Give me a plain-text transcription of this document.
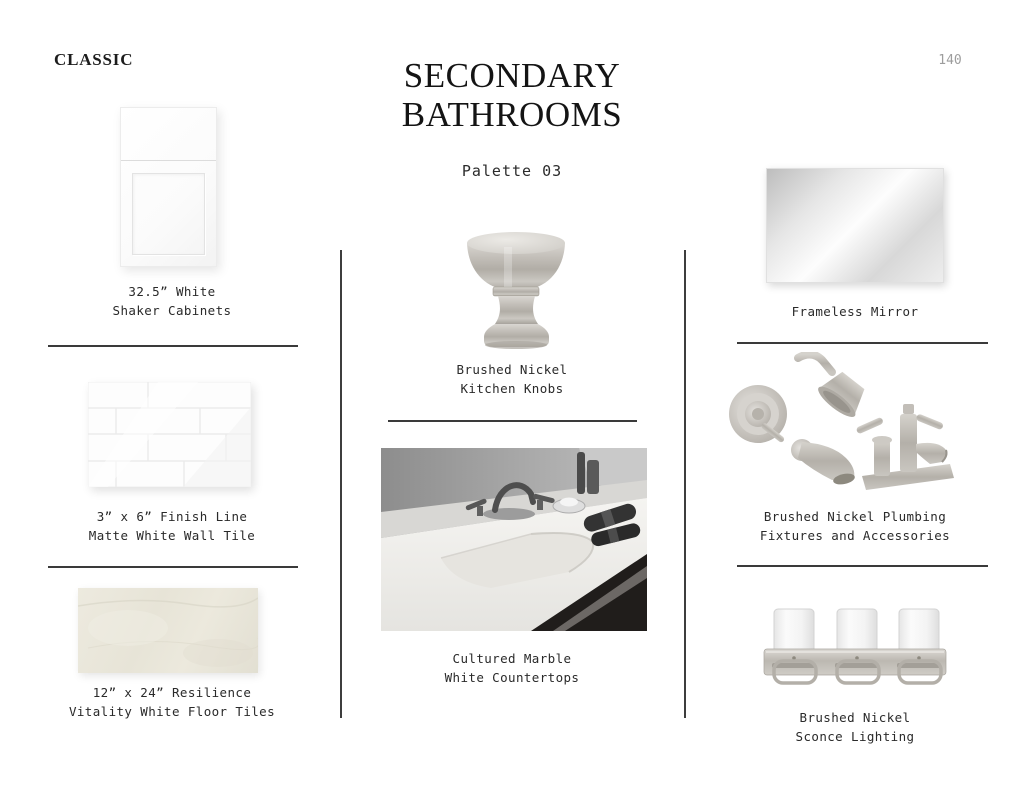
CLASSIC	SECONDARY
BATHROOMS
Palette 03
140
32.5” White
Shaker Cabinets
3” x 6” Finish Line
Matte White Wall Tile
12” x 24” Resilience
Vitality White Floor Tiles
Brushed Nickel
Kitchen Knobs
Cultured Marble
White Countertops
Frameless Mirror
Brushed Nickel Plumbing
Fixtures and Accessories
Brushed Nickel
Sconce Lighting
